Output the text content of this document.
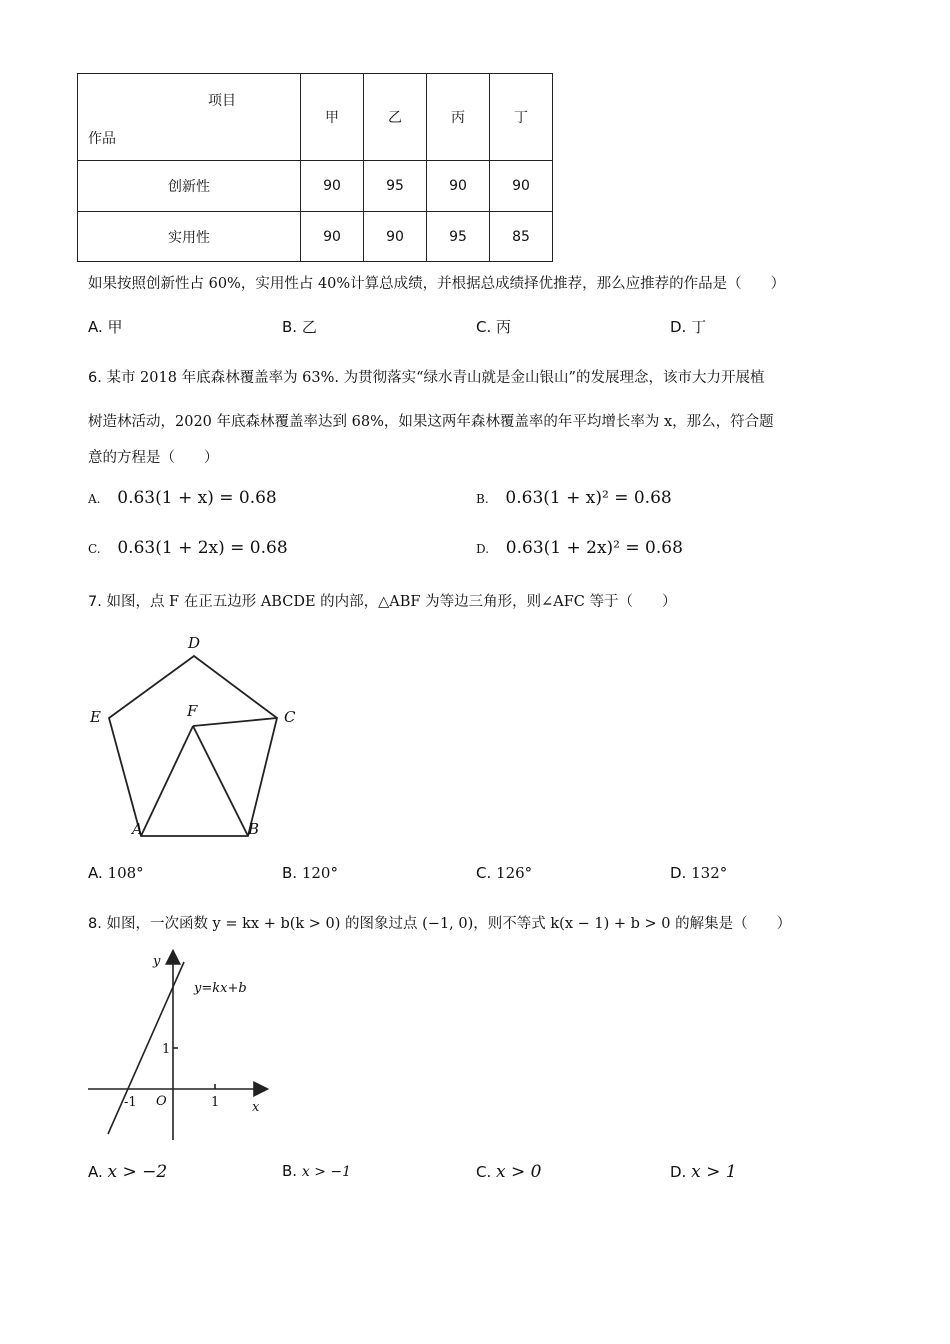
项目
作品	甲	乙	丙	丁
创新性	90	95	90	90
实用性	90	90	95	85
如果按照创新性占 60%，实用性占 40%计算总成绩，并根据总成绩择优推荐，那么应推荐的作品是（　　）
A. 甲	B. 乙	C. 丙	D. 丁
6. 某市 2018 年底森林覆盖率为 63%. 为贯彻落实“绿水青山就是金山银山”的发展理念，该市大力开展植
树造林活动，2020 年底森林覆盖率达到 68%，如果这两年森林覆盖率的年平均增长率为 x，那么，符合题
意的方程是（　　）
A. 0.63(1 + x) = 0.68	B. 0.63(1 + x)² = 0.68
C. 0.63(1 + 2x) = 0.68	D. 0.63(1 + 2x)² = 0.68
7. 如图，点 F 在正五边形 ABCDE 的内部，△ABF 为等边三角形，则∠AFC 等于（　　）
A	B
C
D
E	F
A. 108°	B. 120°	C. 126°	D. 132°
8. 如图，一次函数 y = kx + b(k > 0) 的图象过点 (−1, 0)，则不等式 k(x − 1) + b > 0 的解集是（　　）
y=kx+b
y
x
O
-1	1
1
A. x > −2	B. x > −1	C. x > 0	D. x > 1
